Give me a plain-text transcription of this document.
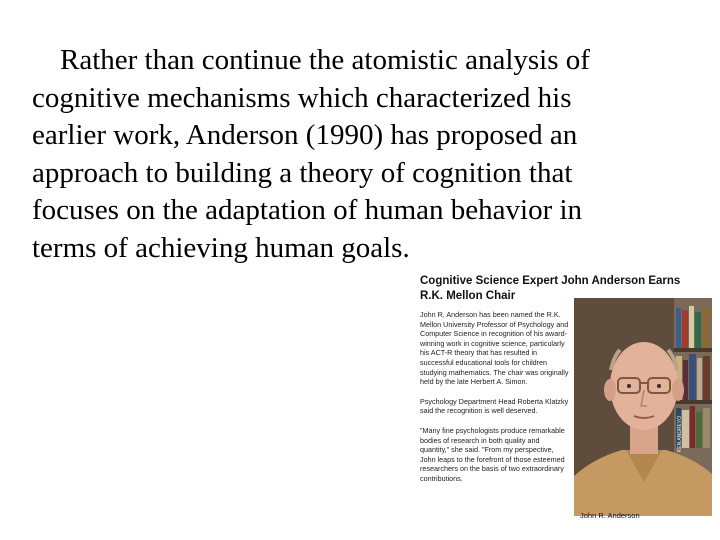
Rather than continue the atomistic analysis of
cognitive mechanisms which characterized his
earlier work, Anderson (1990) has proposed an
approach to building a theory of cognition that
focuses on the adaptation of human behavior in
terms of achieving human goals.
Cognitive Science Expert John Anderson Earns
R.K. Mellon Chair

John R. Anderson has been named the R.K. Mellon University Professor of Psychology and Computer Science in recognition of his award-winning work in cognitive science, particularly his ACT-R theory that has resulted in successful educational tools for children studying mathematics. The chair was originally held by the late Herbert A. Simon.

Psychology Department Head Roberta Klatzky said the recognition is well deserved.

"Many fine psychologists produce remarkable bodies of research in both quality and quantity," she said. "From my perspective, John leaps to the forefront of those esteemed researchers on the basis of two extraordinary contributions.

KEN ANDREYO
John R. Anderson
